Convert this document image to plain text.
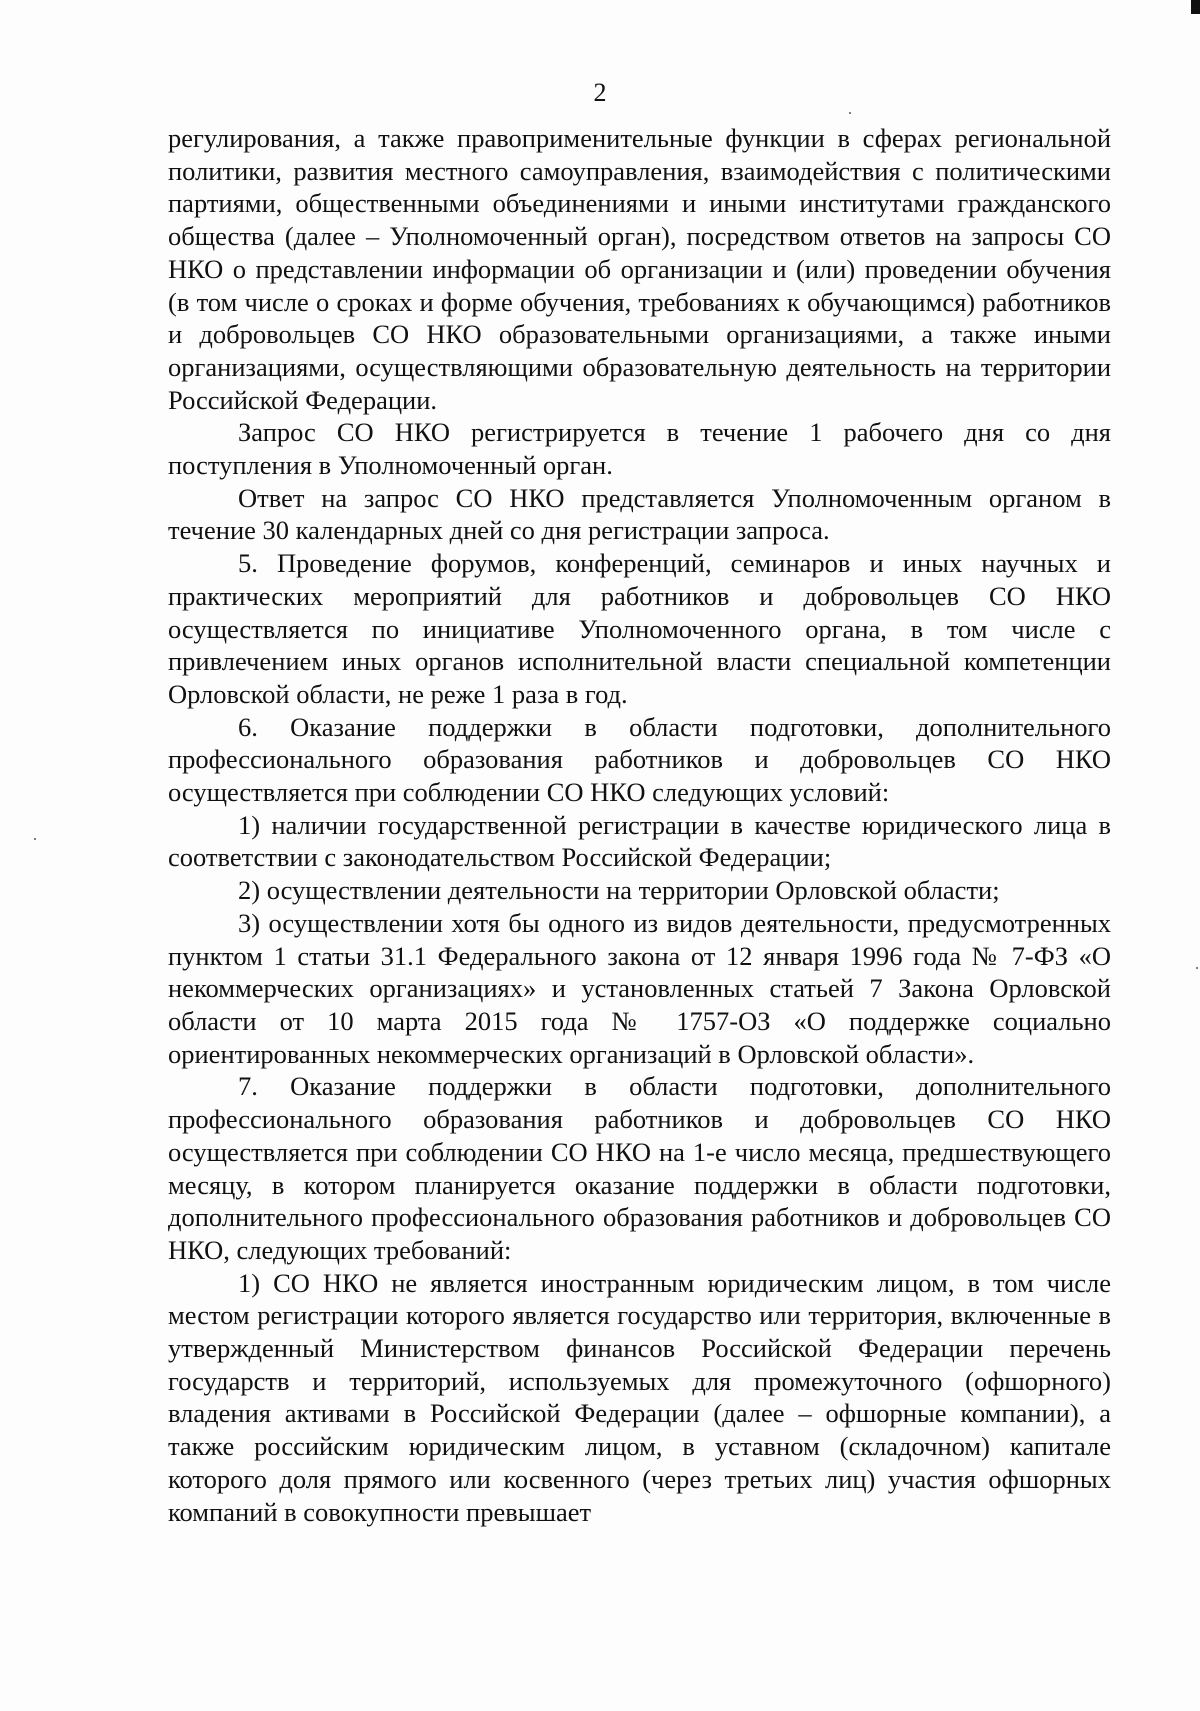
2

регулирования, а также правоприменительные функции в сферах региональной политики, развития местного самоуправления, взаимодействия с политическими партиями, общественными объединениями и иными институтами гражданского общества (далее – Уполномоченный орган), посредством ответов на запросы СО НКО о представлении информации об организации и (или) проведении обучения (в том числе о сроках и форме обучения, требованиях к обучающимся) работников и добровольцев СО НКО образовательными организациями, а также иными организациями, осуществляющими образовательную деятельность на территории Российской Федерации.

Запрос СО НКО регистрируется в течение 1 рабочего дня со дня поступления в Уполномоченный орган.

Ответ на запрос СО НКО представляется Уполномоченным органом в течение 30 календарных дней со дня регистрации запроса.

5. Проведение форумов, конференций, семинаров и иных научных и практических мероприятий для работников и добровольцев СО НКО осуществляется по инициативе Уполномоченного органа, в том числе с привлечением иных органов исполнительной власти специальной компетенции Орловской области, не реже 1 раза в год.

6. Оказание поддержки в области подготовки, дополнительного профессионального образования работников и добровольцев СО НКО осуществляется при соблюдении СО НКО следующих условий:

1) наличии государственной регистрации в качестве юридического лица в соответствии с законодательством Российской Федерации;

2) осуществлении деятельности на территории Орловской области;

3) осуществлении хотя бы одного из видов деятельности, предусмотренных пунктом 1 статьи 31.1 Федерального закона от 12 января 1996 года № 7-ФЗ «О некоммерческих организациях» и установленных статьей 7 Закона Орловской области от 10 марта 2015 года № 1757-ОЗ «О поддержке социально ориентированных некоммерческих организаций в Орловской области».

7. Оказание поддержки в области подготовки, дополнительного профессионального образования работников и добровольцев СО НКО осуществляется при соблюдении СО НКО на 1-е число месяца, предшествующего месяцу, в котором планируется оказание поддержки в области подготовки, дополнительного профессионального образования работников и добровольцев СО НКО, следующих требований:

1) СО НКО не является иностранным юридическим лицом, в том числе местом регистрации которого является государство или территория, включенные в утвержденный Министерством финансов Российской Федерации перечень государств и территорий, используемых для промежуточного (офшорного) владения активами в Российской Федерации (далее – офшорные компании), а также российским юридическим лицом, в уставном (складочном) капитале которого доля прямого или косвенного (через третьих лиц) участия офшорных компаний в совокупности превышает
